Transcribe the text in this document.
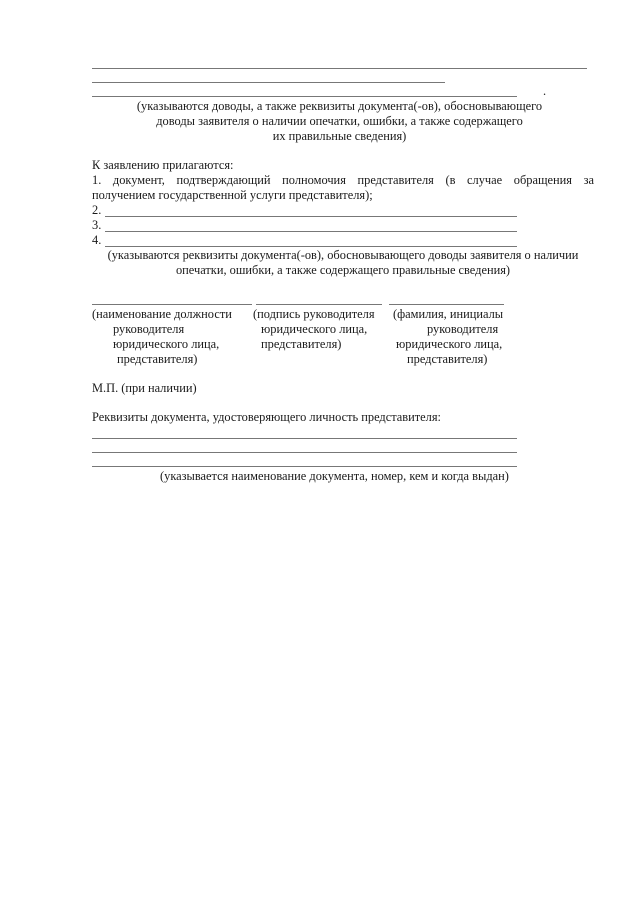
.
(указываются доводы, а также реквизиты документа(-ов), обосновывающего
доводы заявителя о наличии опечатки, ошибки, а также содержащего
их правильные сведения)
К заявлению прилагаются:
1. документ, подтверждающий полномочия представителя (в случае обращения за
получением государственной услуги представителя);
2.
3.
4.
(указываются реквизиты документа(-ов), обосновывающего доводы заявителя о наличии
опечатки, ошибки, а также содержащего правильные сведения)
(наименование должности
руководителя
юридического лица,
представителя)
(подпись руководителя
юридического лица,
представителя)
(фамилия, инициалы
руководителя
юридического лица,
представителя)
М.П. (при наличии)
Реквизиты документа, удостоверяющего личность представителя:
(указывается наименование документа, номер, кем и когда выдан)
